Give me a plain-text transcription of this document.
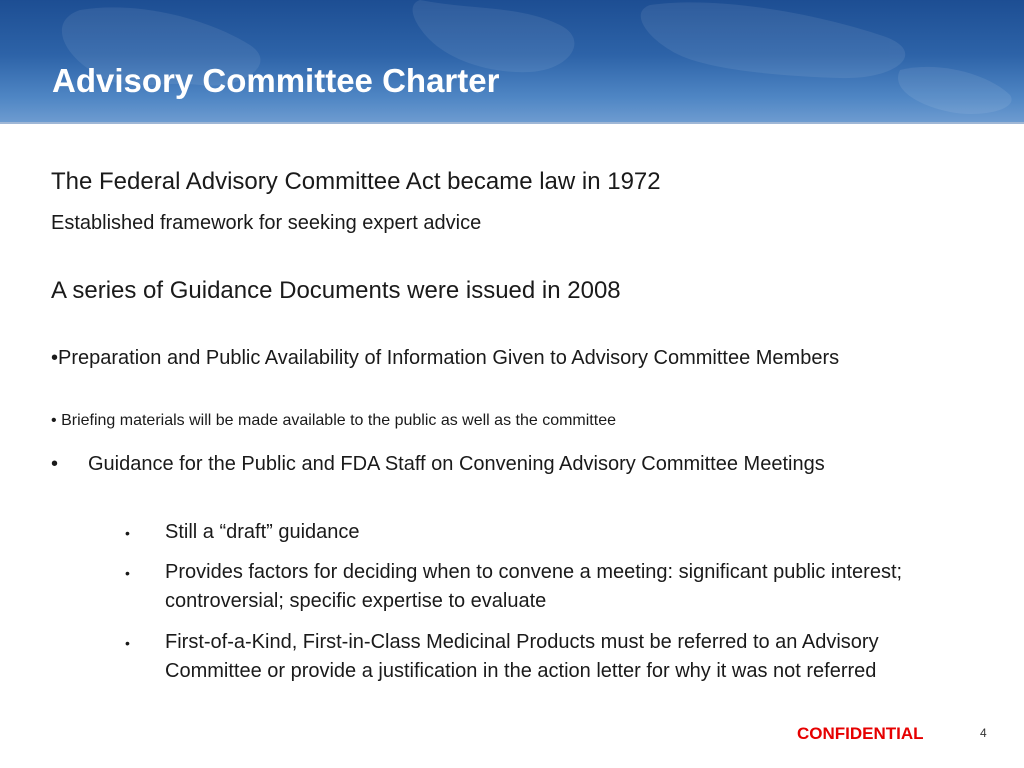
Advisory Committee Charter

The Federal Advisory Committee Act became law in 1972

Established framework for seeking expert advice

A series of Guidance Documents were issued in 2008

•Preparation and Public Availability of Information Given to Advisory Committee Members

• Briefing materials will be made available to the public as well as the committee

•	Guidance for the Public and FDA Staff on Convening Advisory Committee Meetings
•	Still a “draft” guidance
•	Provides factors for deciding when to convene a meeting: significant public interest; controversial; specific expertise to evaluate
•	First-of-a-Kind, First-in-Class Medicinal Products must be referred to an Advisory Committee or provide a justification in the action letter for why it was not referred
CONFIDENTIAL	4
